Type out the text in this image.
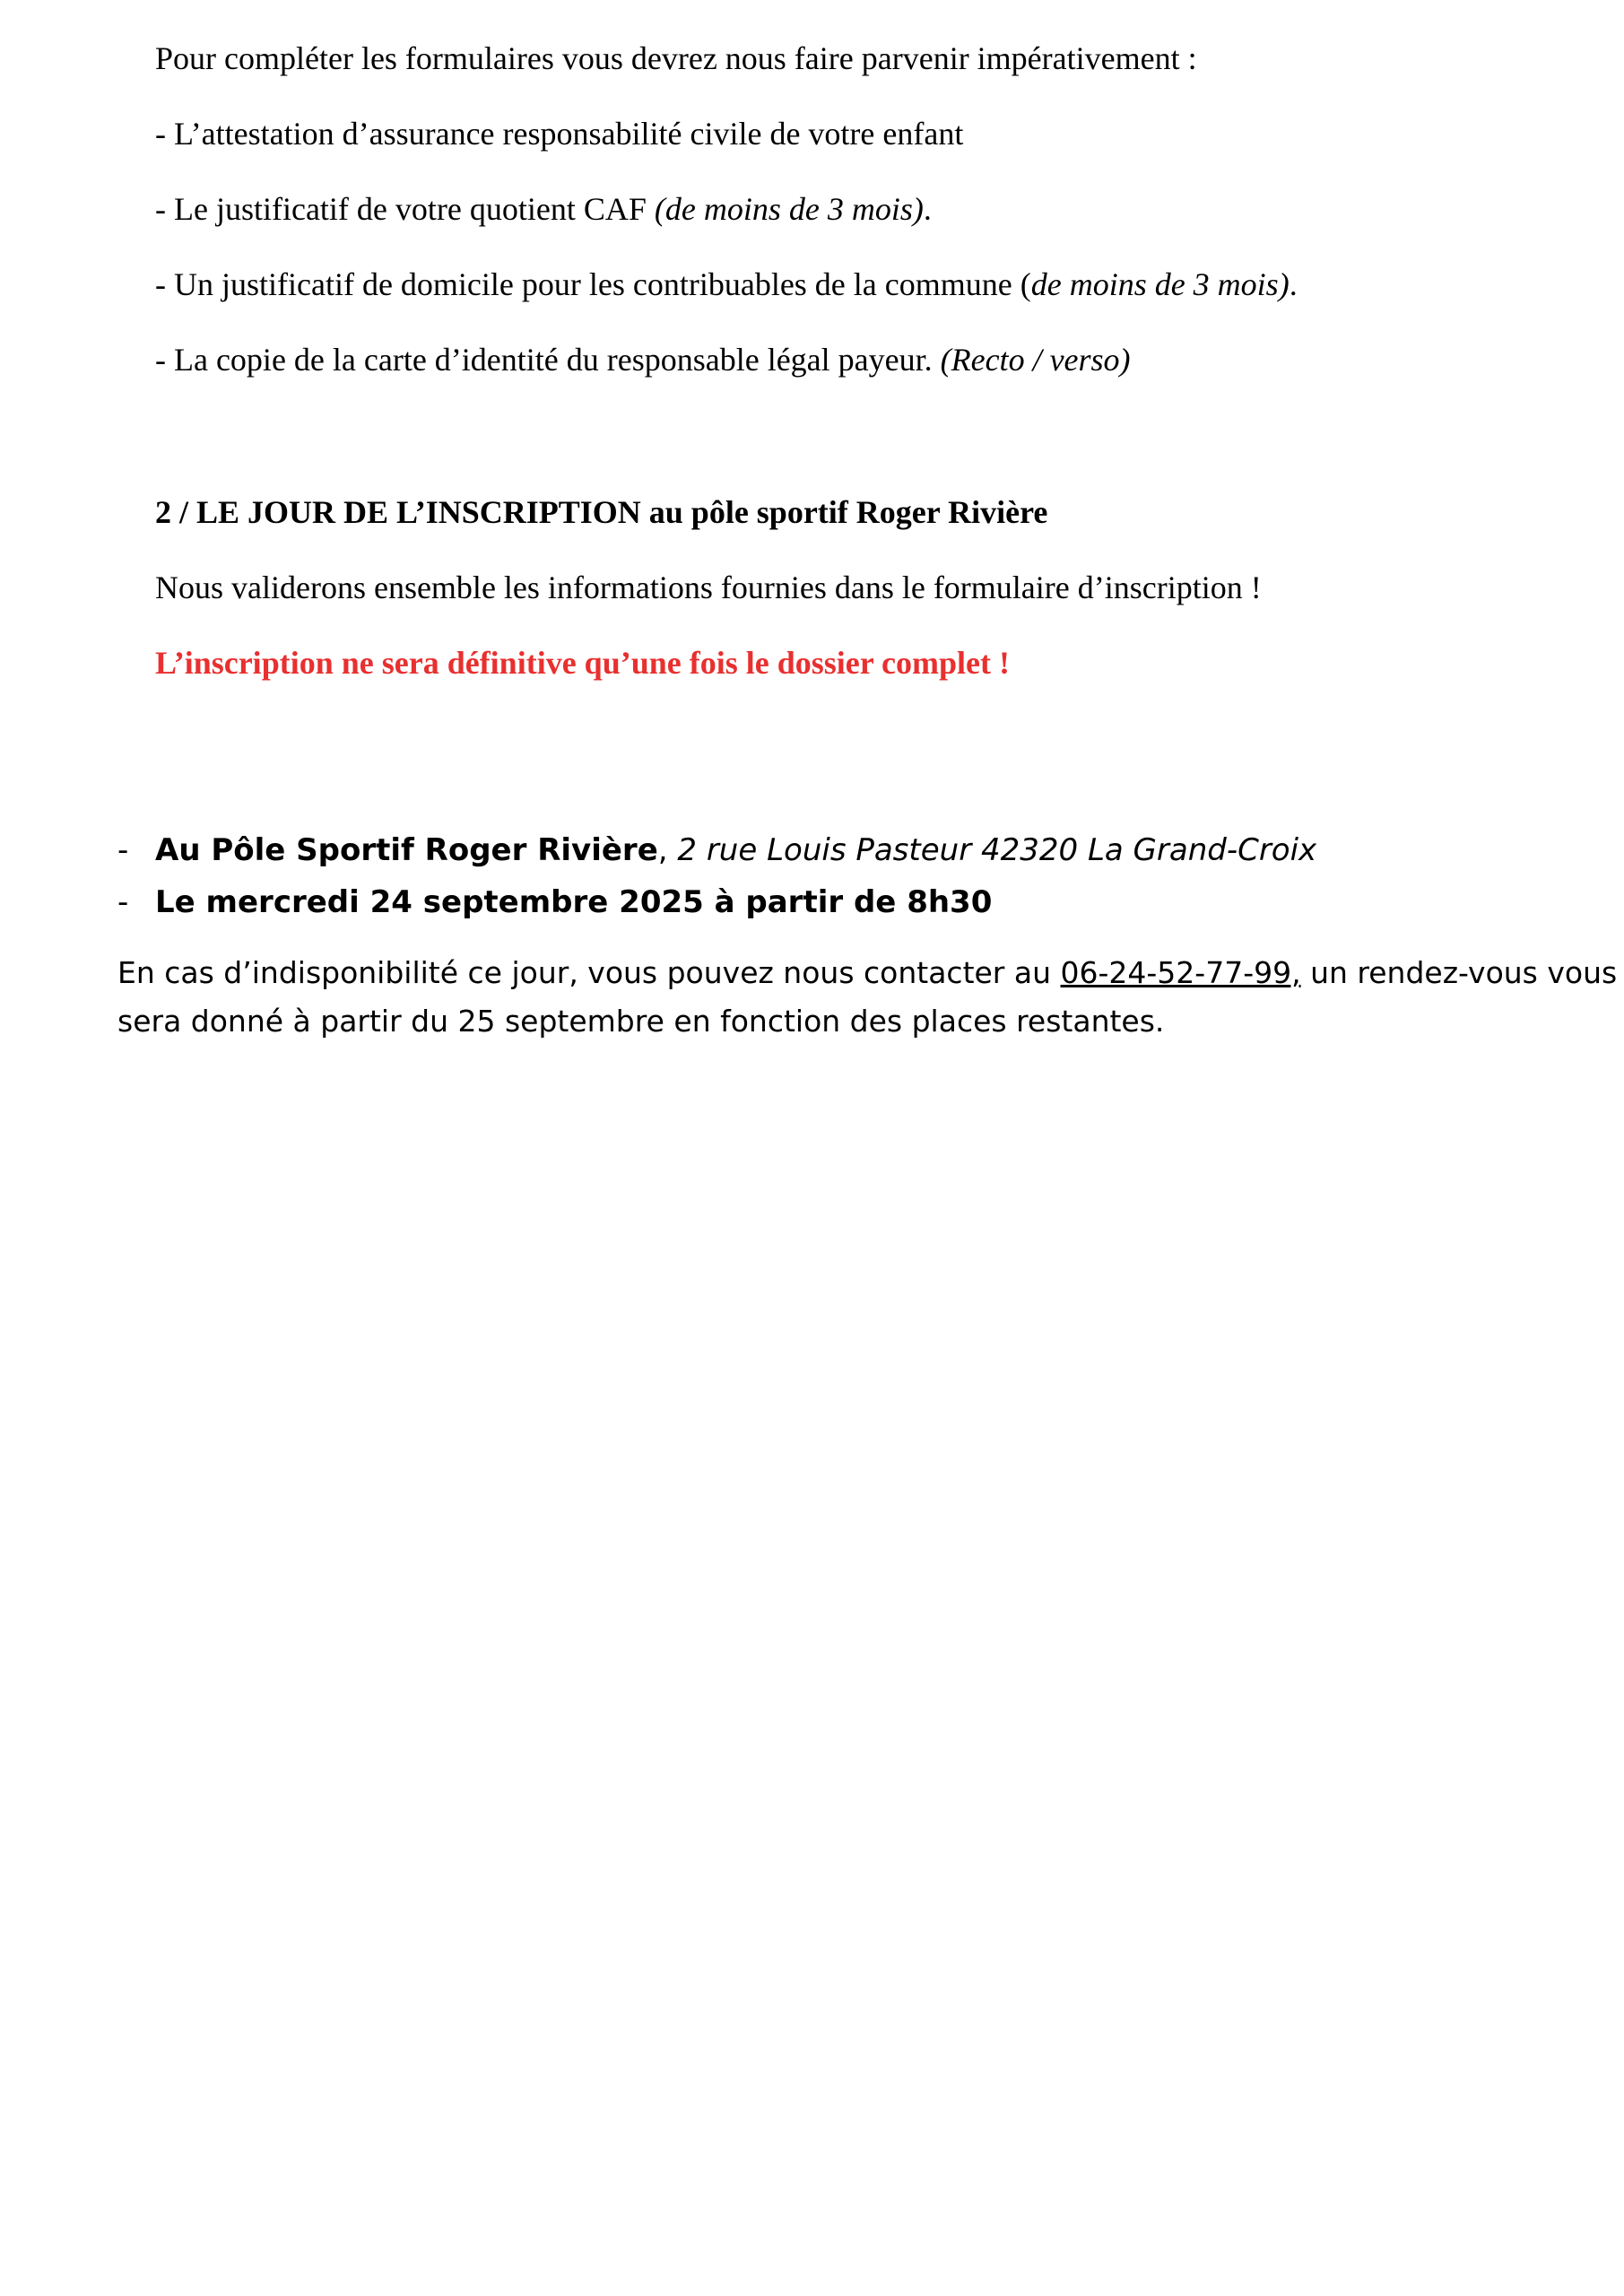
Pour compléter les formulaires vous devrez nous faire parvenir impérativement :

- L’attestation d’assurance responsabilité civile de votre enfant

- Le justificatif de votre quotient CAF (de moins de 3 mois).

- Un justificatif de domicile pour les contribuables de la commune (de moins de 3 mois).

- La copie de la carte d’identité du responsable légal payeur. (Recto / verso)

2 / LE JOUR DE L’INSCRIPTION au pôle sportif Roger Rivière

Nous validerons ensemble les informations fournies dans le formulaire d’inscription !

L’inscription ne sera définitive qu’une fois le dossier complet !

- Au Pôle Sportif Roger Rivière, 2 rue Louis Pasteur 42320 La Grand-Croix

- Le mercredi 24 septembre 2025 à partir de 8h30

En cas d’indisponibilité ce jour, vous pouvez nous contacter au 06-24-52-77-99, un rendez-vous vous
sera donné à partir du 25 septembre en fonction des places restantes.
